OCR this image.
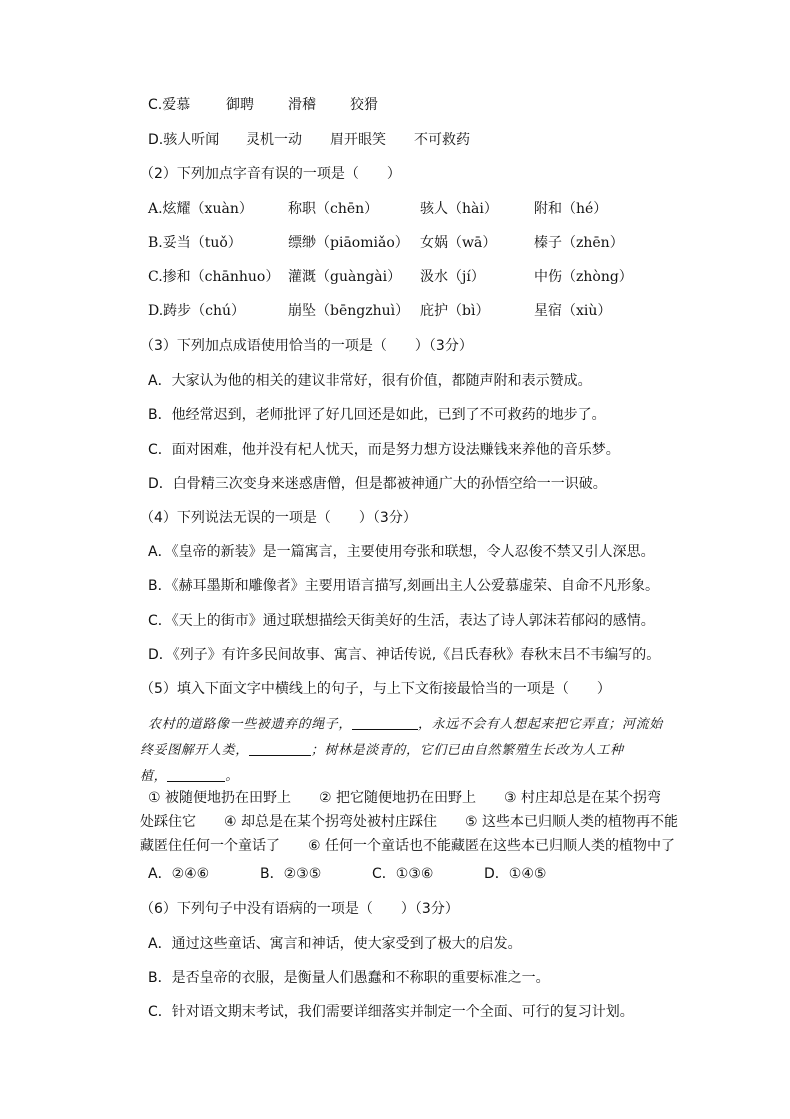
C.爱慕	御聘 滑稽 狡猾
D.骇人听闻 灵机一动 眉开眼笑 不可救药
（2）下列加点字音有误的一项是（　　）
A.炫耀（xuàn）	称职（chēn）	骇人（hài）	附和（hé）
B.妥当（tuǒ）	缥缈（piāomiǎo） 女娲（wā）	榛子（zhēn）
C.掺和（chānhuo） 灌溉（guàngài） 汲水（jí）	中伤（zhòng）
D.踌步（chú）	崩坠（bēngzhuì） 庇护（bì）	星宿（xiù）
（3）下列加点成语使用恰当的一项是（　　）（3分）
A．大家认为他的相关的建议非常好，很有价值，都随声附和表示赞成。
B．他经常迟到，老师批评了好几回还是如此，已到了不可救药的地步了。
C．面对困难，他并没有杞人忧天，而是努力想方设法赚钱来养他的音乐梦。
D．白骨精三次变身来迷惑唐僧，但是都被神通广大的孙悟空给一一识破。
（4）下列说法无误的一项是（　　）（3分）
A．《皇帝的新装》是一篇寓言，主要使用夸张和联想，令人忍俊不禁又引人深思。
B．《赫耳墨斯和雕像者》主要用语言描写,刻画出主人公爱慕虚荣、自命不凡形象。
C．《天上的街市》通过联想描绘天街美好的生活，表达了诗人郭沫若郁闷的感情。
D．《列子》有许多民间故事、寓言、神话传说,《吕氏春秋》春秋末吕不韦编写的。
（5）填入下面文字中横线上的句子，与上下文衔接最恰当的一项是（　　）
农村的道路像一些被遗弃的绳子，	，永远不会有人想起来把它弄直；河流始
终妥图解开人类，	；树林是淡青的，它们已由自然繁殖生长改为人工种
植，	。
① 被随便地扔在田野上　　② 把它随便地扔在田野上　　③ 村庄却总是在某个拐弯
处踩住它　　④ 却总是在某个拐弯处被村庄踩住　　⑤ 这些本已归顺人类的植物再不能
藏匿住任何一个童话了　　⑥ 任何一个童话也不能藏匿在这些本已归顺人类的植物中了
A．②④⑥	B．②③⑤	C．①③⑥	D．①④⑤
（6）下列句子中没有语病的一项是（　　）（3分）
A．通过这些童话、寓言和神话，使大家受到了极大的启发。
B．是否皇帝的衣服，是衡量人们愚蠢和不称职的重要标准之一。
C．针对语文期末考试，我们需要详细落实并制定一个全面、可行的复习计划。
